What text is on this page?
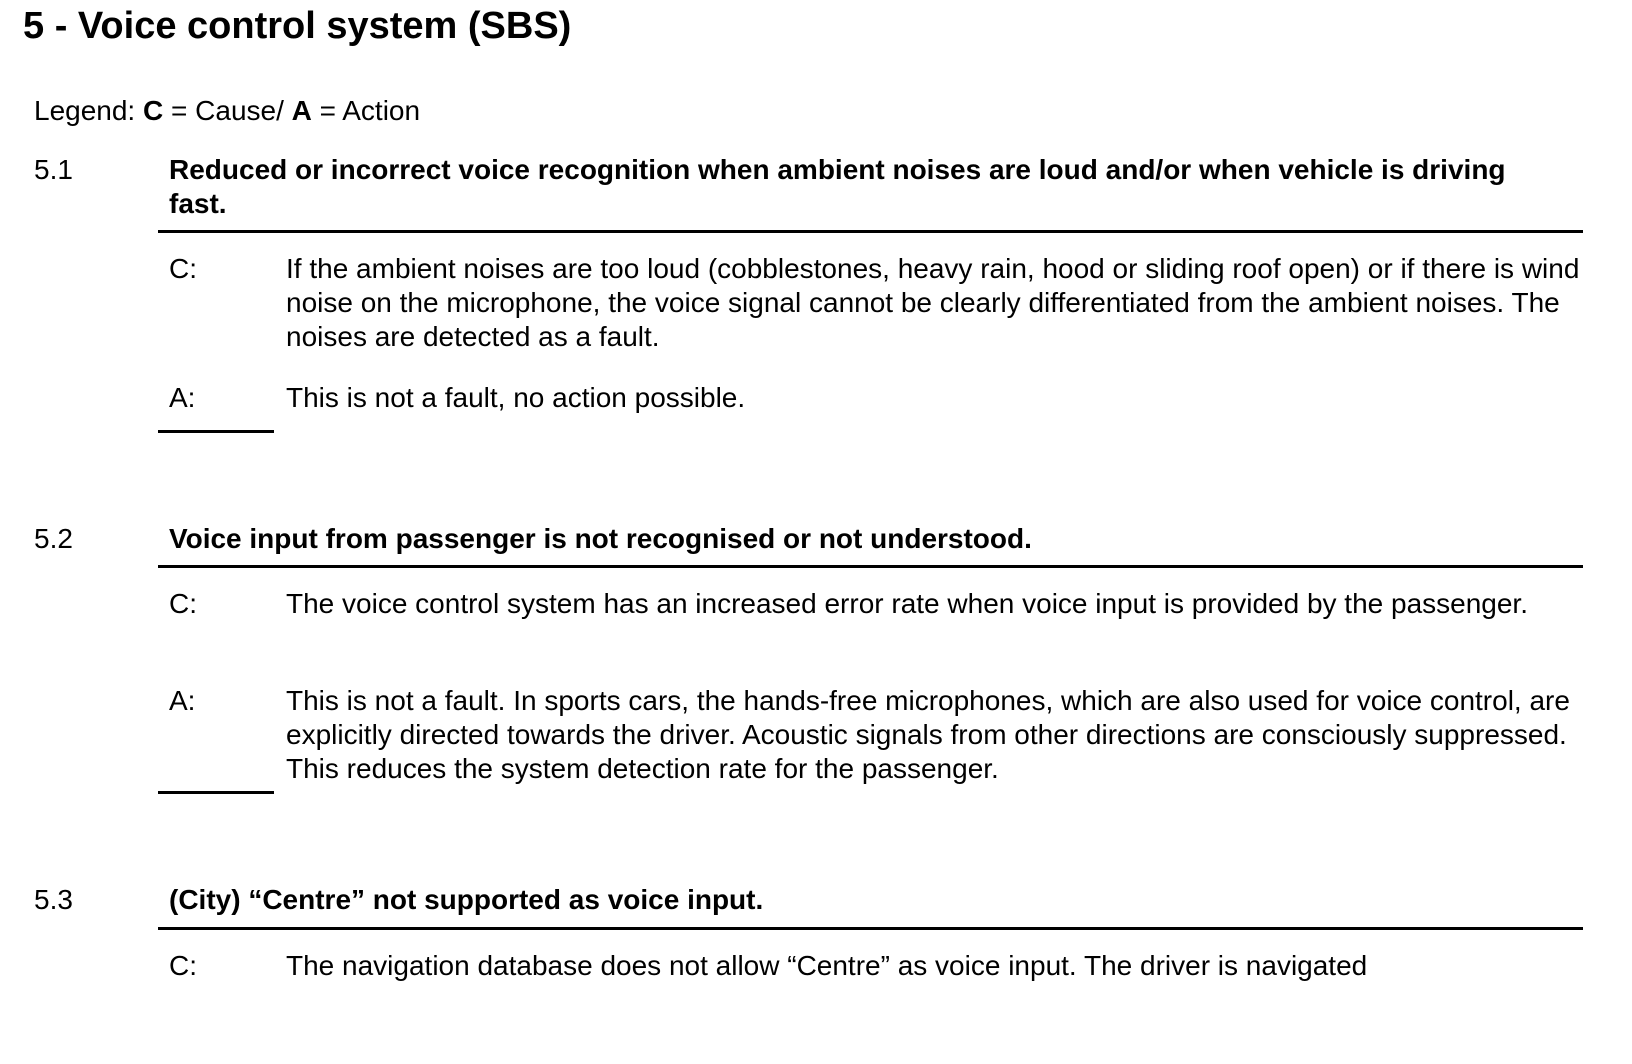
5 - Voice control system (SBS)
Legend: C = Cause/ A = Action
5.1	Reduced or incorrect voice recognition when ambient noises are loud and/or when vehicle is driving fast.
C:	If the ambient noises are too loud (cobblestones, heavy rain, hood or sliding roof open) or if there is wind noise on the microphone, the voice signal cannot be clearly differentiated from the ambient noises. The noises are detected as a fault.
A:	This is not a fault, no action possible.
5.2	Voice input from passenger is not recognised or not understood.
C:	The voice control system has an increased error rate when voice input is provided by the passenger.
A:	This is not a fault. In sports cars, the hands-free microphones, which are also used for voice control, are explicitly directed towards the driver. Acoustic signals from other directions are consciously suppressed. This reduces the system detection rate for the passenger.
5.3	(City) “Centre” not supported as voice input.
C:	The navigation database does not allow “Centre” as voice input. The driver is navigated
